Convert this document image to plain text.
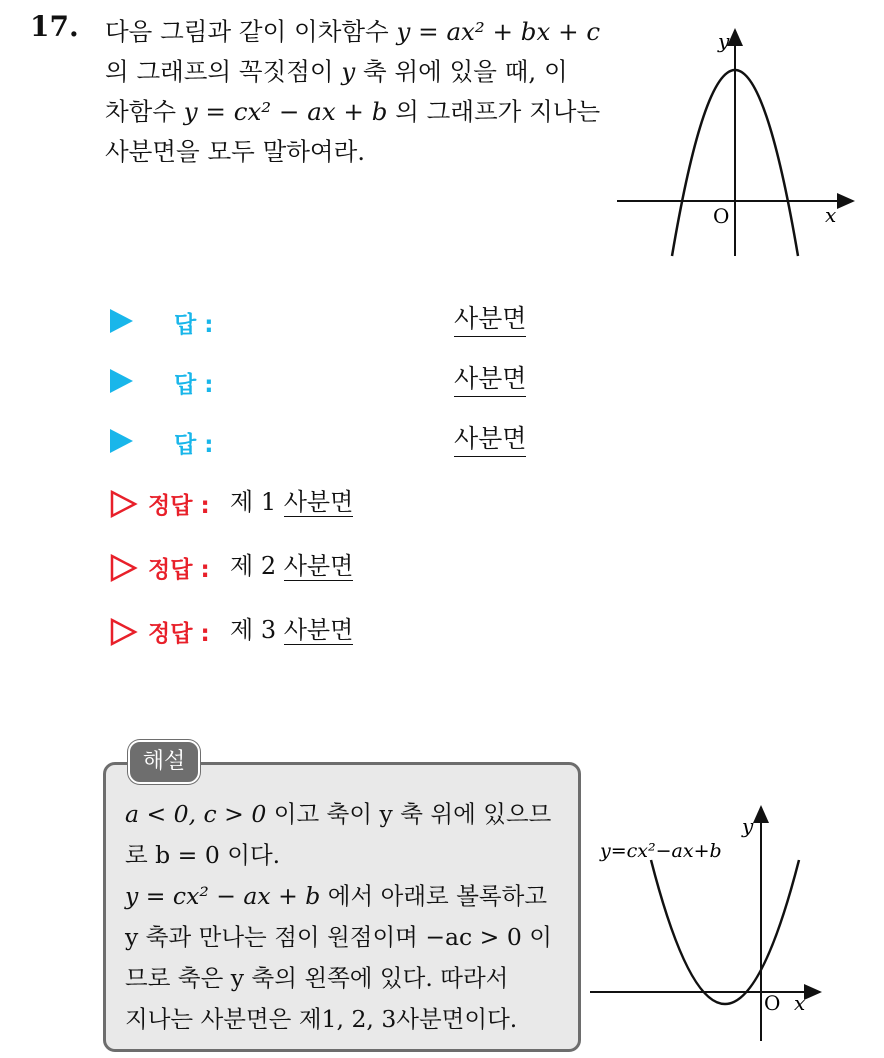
17. 다음 그림과 같이 이차함수 y = ax² + bx + c

의 그래프의 꼭짓점이 y 축 위에 있을 때, 이

차함수 y = cx² − ax + b 의 그래프가 지나는

사분면을 모두 말하여라.

y
x
O
답 :	사분면
답 :	사분면
답 :	사분면
정답 : 제 1 사분면
정답 : 제 2 사분면
정답 : 제 3 사분면
해설

a < 0, c > 0 이고 축이 y 축 위에 있으므

로 b = 0 이다.

y = cx² − ax + b 에서 아래로 볼록하고

y 축과 만나는 점이 원점이며 −ac > 0 이

므로 축은 y 축의 왼쪽에 있다. 따라서

지나는 사분면은 제1, 2, 3사분면이다.

y
x
O
y=cx²−ax+b
